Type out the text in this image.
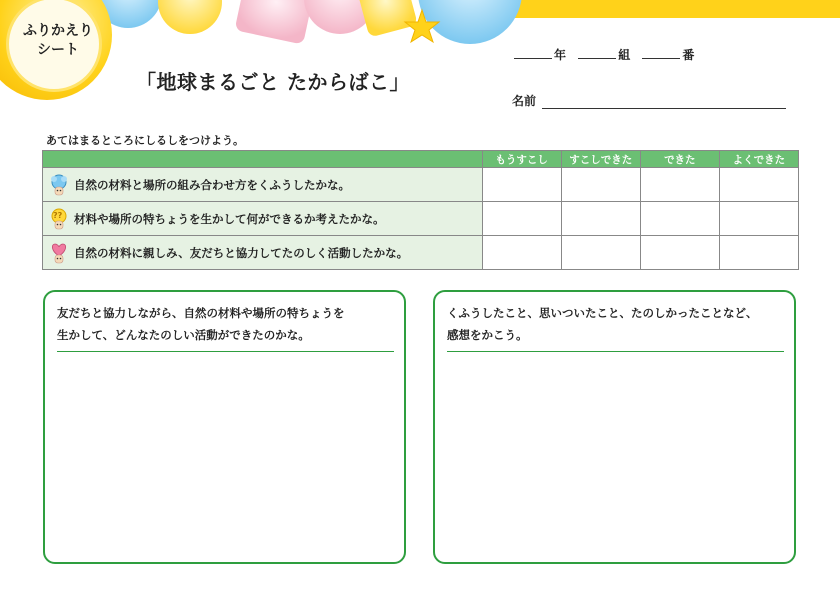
ふりかえり
シート
「地球まるごと たからばこ」
年	組	番
名前
あてはまるところにしるしをつけよう。
	もうすこし	すこしできた	できた	よくできた
自然の材料と場所の組み合わせ方をくふうしたかな。				

?? 材料や場所の特ちょうを生かして何ができるか考えたかな。				
自然の材料に親しみ、友だちと協力してたのしく活動したかな。				
友だちと協力しながら、自然の材料や場所の特ちょうを
生かして、どんなたのしい活動ができたのかな。
くふうしたこと、思いついたこと、たのしかったことなど、
感想をかこう。
